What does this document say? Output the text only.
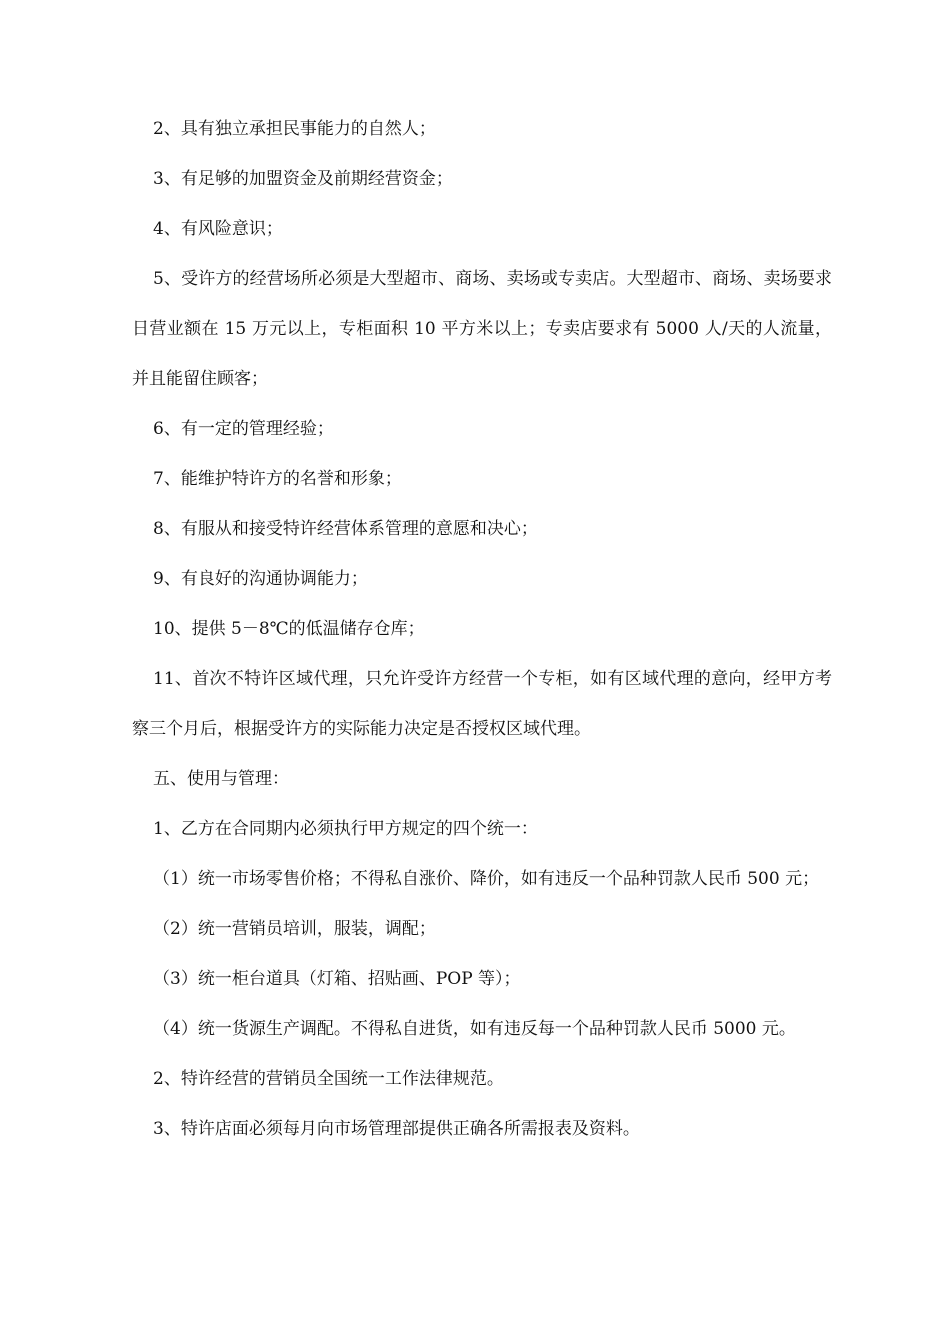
2、具有独立承担民事能力的自然人；

3、有足够的加盟资金及前期经营资金；

4、有风险意识；

5、受许方的经营场所必须是大型超市、商场、卖场或专卖店。大型超市、商场、卖场要求日营业额在 15 万元以上，专柜面积 10 平方米以上；专卖店要求有 5000 人/天的人流量，并且能留住顾客；

6、有一定的管理经验；

7、能维护特许方的名誉和形象；

8、有服从和接受特许经营体系管理的意愿和决心；

9、有良好的沟通协调能力；

10、提供 5－8℃的低温储存仓库；

11、首次不特许区域代理，只允许受许方经营一个专柜，如有区域代理的意向，经甲方考察三个月后，根据受许方的实际能力决定是否授权区域代理。

五、使用与管理：

1、乙方在合同期内必须执行甲方规定的四个统一：

（1）统一市场零售价格；不得私自涨价、降价，如有违反一个品种罚款人民币 500 元；

（2）统一营销员培训，服装，调配；

（3）统一柜台道具（灯箱、招贴画、POP 等）；

（4）统一货源生产调配。不得私自进货，如有违反每一个品种罚款人民币 5000 元。

2、特许经营的营销员全国统一工作法律规范。

3、特许店面必须每月向市场管理部提供正确各所需报表及资料。
